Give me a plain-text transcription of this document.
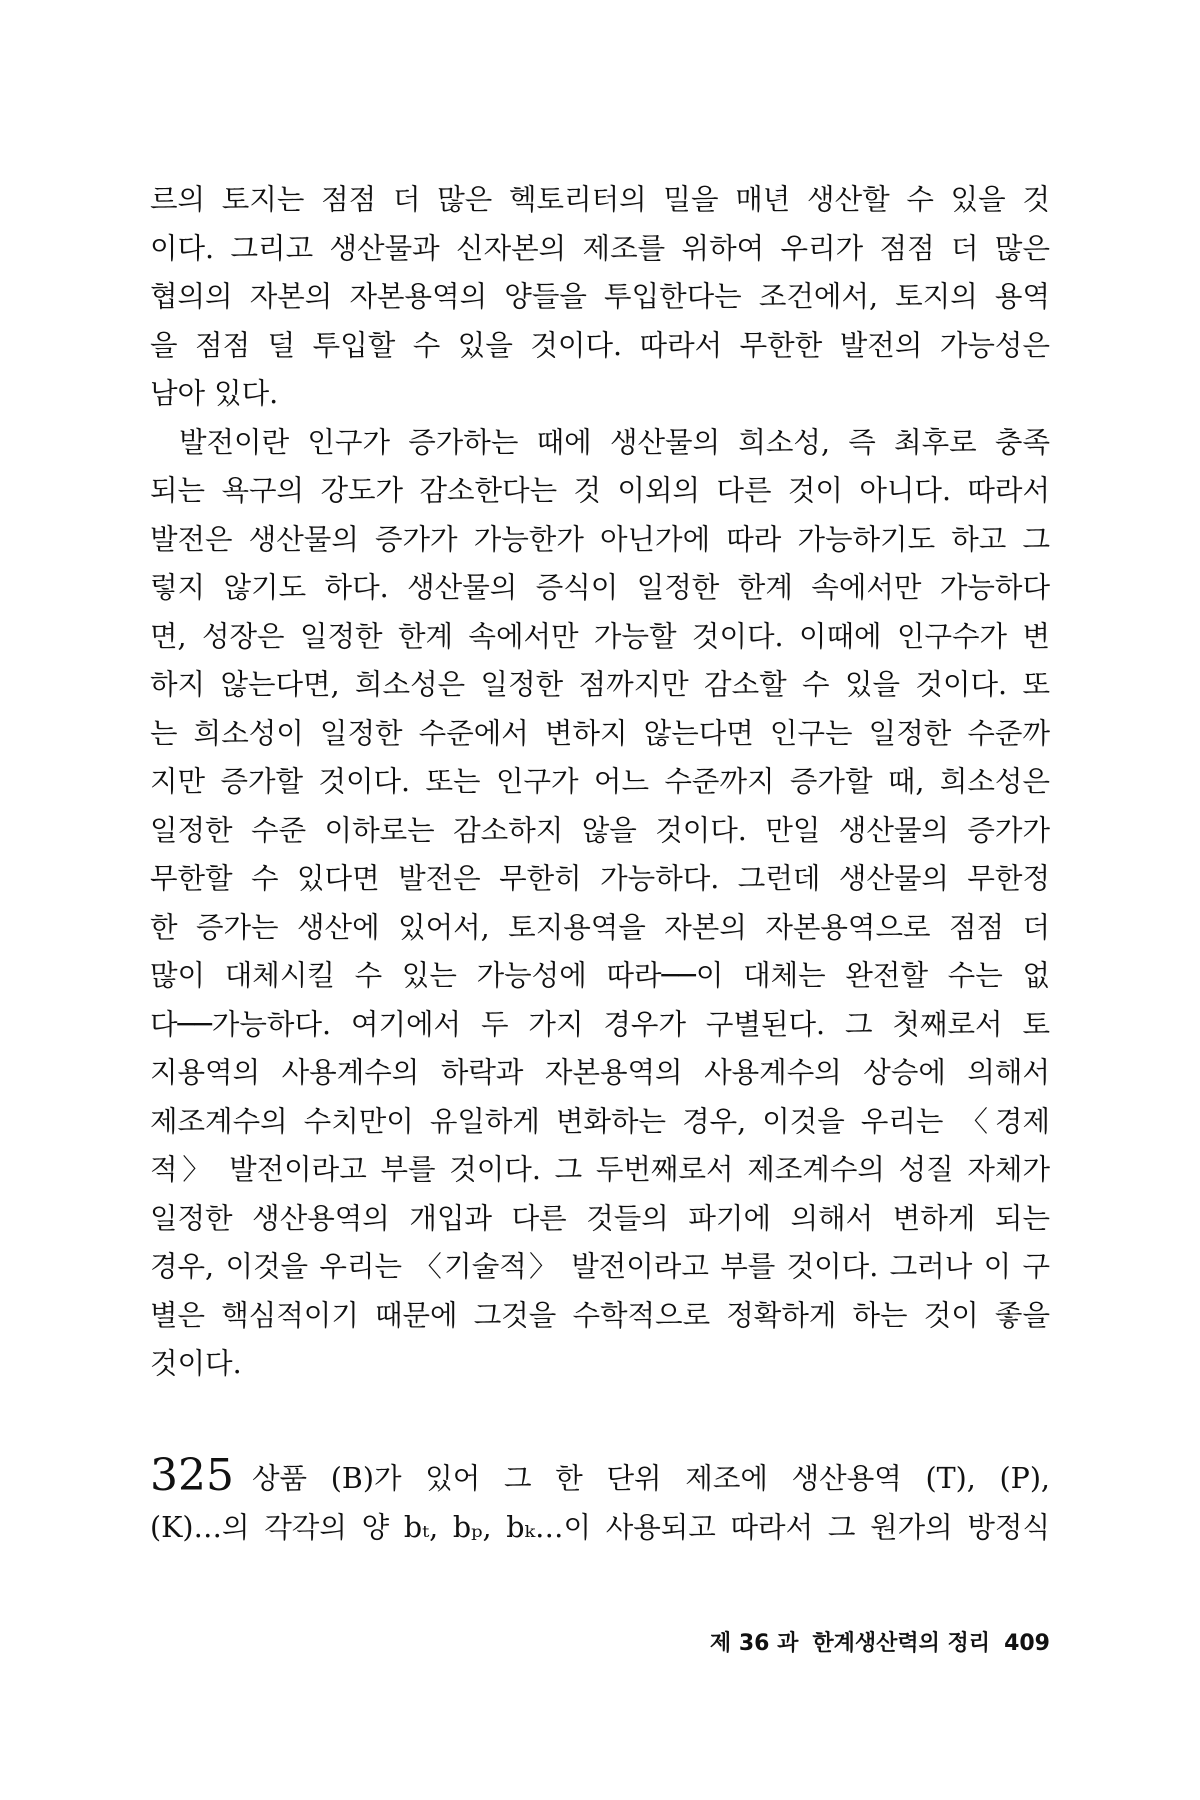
르의 토지는 점점 더 많은 헥토리터의 밀을 매년 생산할 수 있을 것
이다. 그리고 생산물과 신자본의 제조를 위하여 우리가 점점 더 많은
협의의 자본의 자본용역의 양들을 투입한다는 조건에서, 토지의 용역
을 점점 덜 투입할 수 있을 것이다. 따라서 무한한 발전의 가능성은
남아 있다.
발전이란 인구가 증가하는 때에 생산물의 희소성, 즉 최후로 충족
되는 욕구의 강도가 감소한다는 것 이외의 다른 것이 아니다. 따라서
발전은 생산물의 증가가 가능한가 아닌가에 따라 가능하기도 하고 그
렇지 않기도 하다. 생산물의 증식이 일정한 한계 속에서만 가능하다
면, 성장은 일정한 한계 속에서만 가능할 것이다. 이때에 인구수가 변
하지 않는다면, 희소성은 일정한 점까지만 감소할 수 있을 것이다. 또
는 희소성이 일정한 수준에서 변하지 않는다면 인구는 일정한 수준까
지만 증가할 것이다. 또는 인구가 어느 수준까지 증가할 때, 희소성은
일정한 수준 이하로는 감소하지 않을 것이다. 만일 생산물의 증가가
무한할 수 있다면 발전은 무한히 가능하다. 그런데 생산물의 무한정
한 증가는 생산에 있어서, 토지용역을 자본의 자본용역으로 점점 더
많이 대체시킬 수 있는 가능성에 따라──이 대체는 완전할 수는 없
다──가능하다. 여기에서 두 가지 경우가 구별된다. 그 첫째로서 토
지용역의 사용계수의 하락과 자본용역의 사용계수의 상승에 의해서
제조계수의 수치만이 유일하게 변화하는 경우, 이것을 우리는 〈경제
적〉 발전이라고 부를 것이다. 그 두번째로서 제조계수의 성질 자체가
일정한 생산용역의 개입과 다른 것들의 파기에 의해서 변하게 되는
경우, 이것을 우리는 〈기술적〉 발전이라고 부를 것이다. 그러나 이 구
별은 핵심적이기 때문에 그것을 수학적으로 정확하게 하는 것이 좋을
것이다.
325 상품 (B)가 있어 그 한 단위 제조에 생산용역 (T), (P),
(K)…의 각각의 양 bₜ, bₚ, bₖ…이 사용되고 따라서 그 원가의 방정식
제 36 과 한계생산력의 정리 409
